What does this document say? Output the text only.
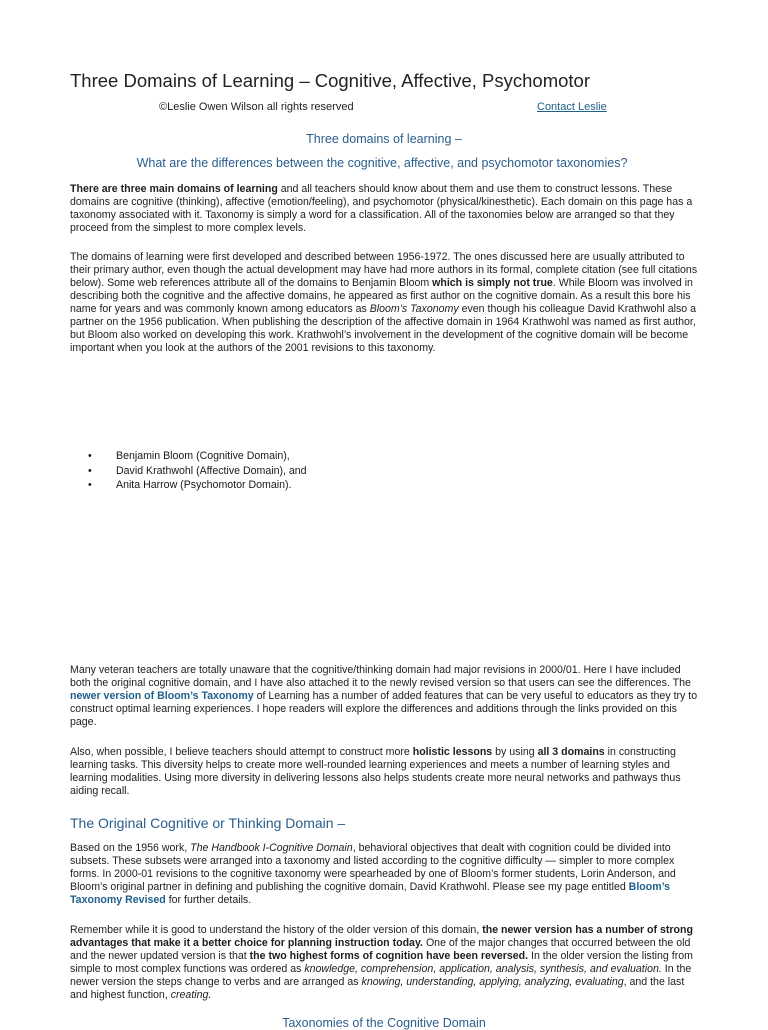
Three Domains of Learning – Cognitive, Affective, Psychomotor
©Leslie Owen Wilson all rights reserved	Contact Leslie
Three domains of learning –
What are the differences between the cognitive, affective, and psychomotor taxonomies?
There are three main domains of learning and all teachers should know about them and use them to construct lessons. These domains are cognitive (thinking), affective (emotion/feeling), and psychomotor (physical/kinesthetic). Each domain on this page has a taxonomy associated with it. Taxonomy is simply a word for a classification. All of the taxonomies below are arranged so that they proceed from the simplest to more complex levels.
The domains of learning were first developed and described between 1956-1972. The ones discussed here are usually attributed to their primary author, even though the actual development may have had more authors in its formal, complete citation (see full citations below). Some web references attribute all of the domains to Benjamin Bloom which is simply not true. While Bloom was involved in describing both the cognitive and the affective domains, he appeared as first author on the cognitive domain. As a result this bore his name for years and was commonly known among educators as Bloom’s Taxonomy even though his colleague David Krathwohl also a partner on the 1956 publication. When publishing the description of the affective domain in 1964 Krathwohl was named as first author, but Bloom also worked on developing this work. Krathwohl’s involvement in the development of the cognitive domain will be become important when you look at the authors of the 2001 revisions to this taxonomy.
• Benjamin Bloom (Cognitive Domain),
• David Krathwohl (Affective Domain), and
• Anita Harrow (Psychomotor Domain).
Many veteran teachers are totally unaware that the cognitive/thinking domain had major revisions in 2000/01. Here I have included both the original cognitive domain, and I have also attached it to the newly revised version so that users can see the differences. The newer version of Bloom’s Taxonomy of Learning has a number of added features that can be very useful to educators as they try to construct optimal learning experiences. I hope readers will explore the differences and additions through the links provided on this page.
Also, when possible, I believe teachers should attempt to construct more holistic lessons by using all 3 domains in constructing learning tasks. This diversity helps to create more well-rounded learning experiences and meets a number of learning styles and learning modalities. Using more diversity in delivering lessons also helps students create more neural networks and pathways thus aiding recall.
The Original Cognitive or Thinking Domain –
Based on the 1956 work, The Handbook I-Cognitive Domain, behavioral objectives that dealt with cognition could be divided into subsets. These subsets were arranged into a taxonomy and listed according to the cognitive difficulty — simpler to more complex forms. In 2000-01 revisions to the cognitive taxonomy were spearheaded by one of Bloom’s former students, Lorin Anderson, and Bloom’s original partner in defining and publishing the cognitive domain, David Krathwohl. Please see my page entitled Bloom’s Taxonomy Revised for further details.
Remember while it is good to understand the history of the older version of this domain, the newer version has a number of strong advantages that make it a better choice for planning instruction today. One of the major changes that occurred between the old and the newer updated version is that the two highest forms of cognition have been reversed. In the older version the listing from simple to most complex functions was ordered as knowledge, comprehension, application, analysis, synthesis, and evaluation. In the newer version the steps change to verbs and are arranged as knowing, understanding, applying, analyzing, evaluating, and the last and highest function, creating.
Taxonomies of the Cognitive Domain
